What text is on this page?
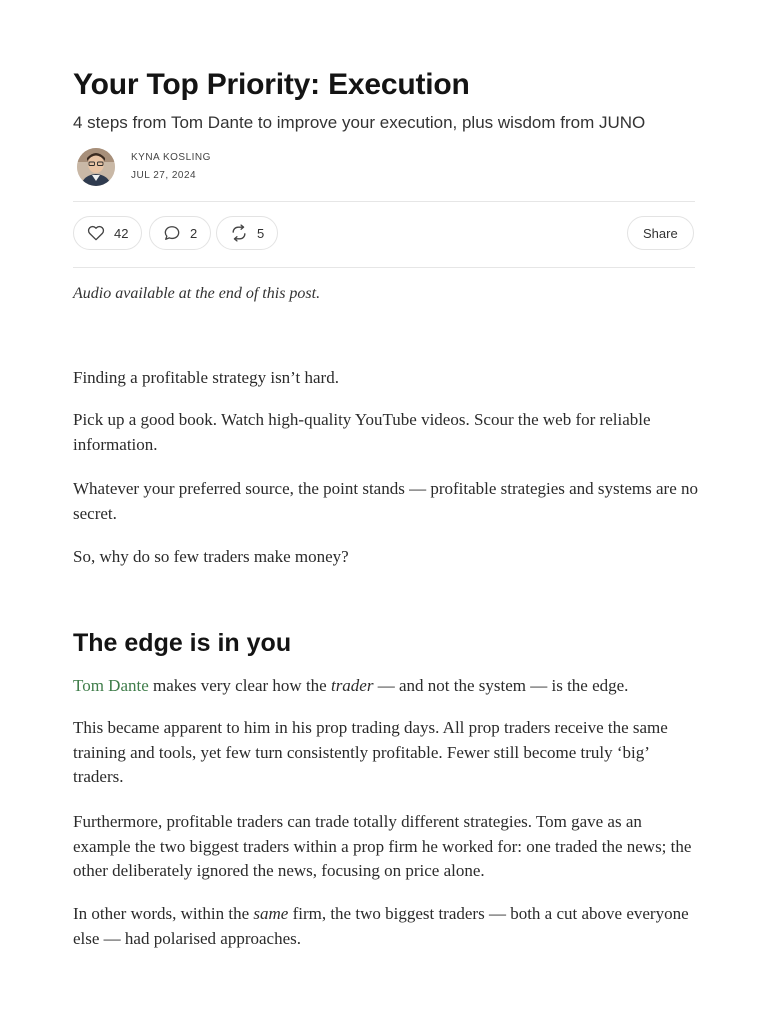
Your Top Priority: Execution

4 steps from Tom Dante to improve your execution, plus wisdom from JUNO

KYNA KOSLING
JUL 27, 2024
42	2	5	Share

Audio available at the end of this post.

Finding a profitable strategy isn’t hard.

Pick up a good book. Watch high-quality YouTube videos. Scour the web for reliable information.

Whatever your preferred source, the point stands — profitable strategies and systems are no secret.

So, why do so few traders make money?

The edge is in you

Tom Dante makes very clear how the trader — and not the system — is the edge.

This became apparent to him in his prop trading days. All prop traders receive the same training and tools, yet few turn consistently profitable. Fewer still become truly ‘big’ traders.

Furthermore, profitable traders can trade totally different strategies. Tom gave as an example the two biggest traders within a prop firm he worked for: one traded the news; the other deliberately ignored the news, focusing on price alone.

In other words, within the same firm, the two biggest traders — both a cut above everyone else — had polarised approaches.
